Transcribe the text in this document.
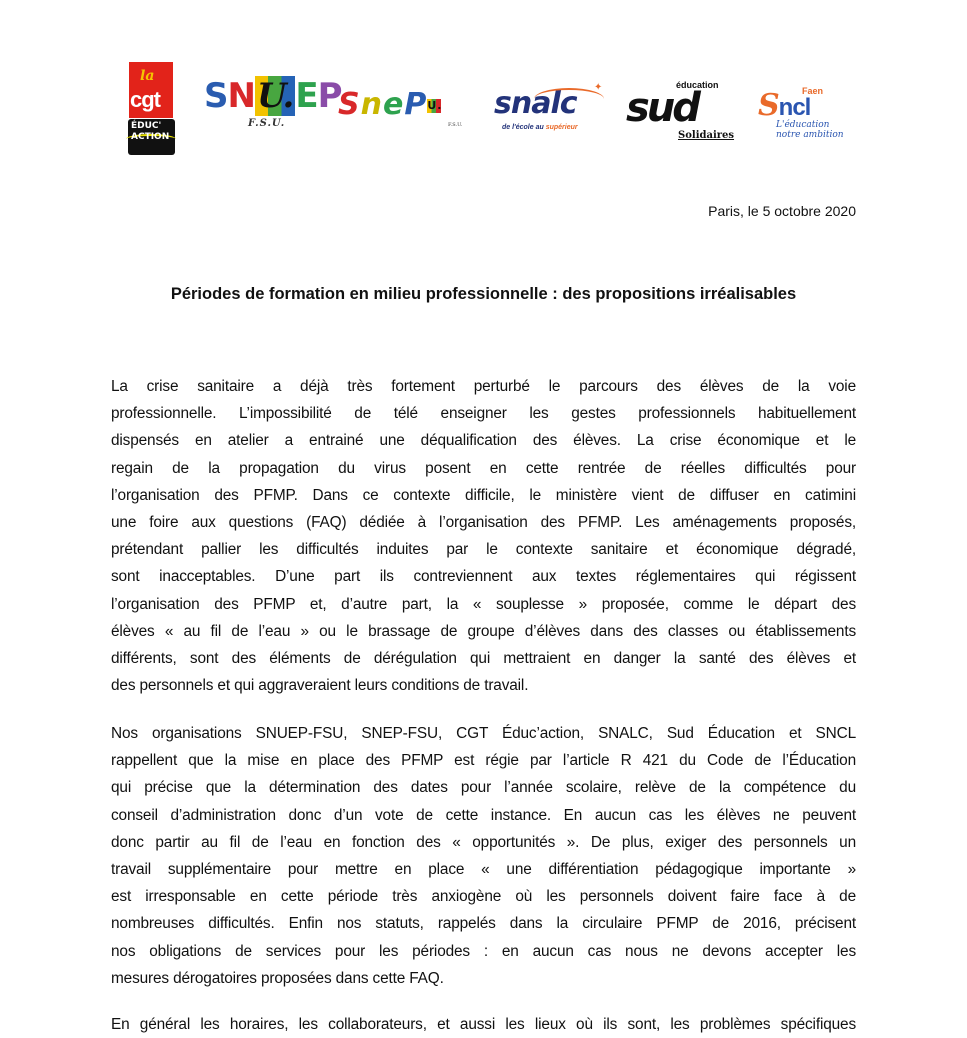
la
cgt
ÉDUC' ACTION
SNU.EP
F.S.U.
SnePU.
F.S.U.
✦
snalc
de l'école au supérieur
éducation
sud
Solidaires
Faen
Sncl
L'éducation
notre ambition
Paris, le 5 octobre 2020
Périodes de formation en milieu professionnelle : des propositions irréalisables
La crise sanitaire a déjà très fortement perturbé le parcours des élèves de la voie
professionnelle. L’impossibilité de télé enseigner les gestes professionnels habituellement
dispensés en atelier a entrainé une déqualification des élèves. La crise économique et le
regain de la propagation du virus posent en cette rentrée de réelles difficultés pour
l’organisation des PFMP. Dans ce contexte difficile, le ministère vient de diffuser en catimini
une foire aux questions (FAQ) dédiée à l’organisation des PFMP. Les aménagements proposés,
prétendant pallier les difficultés induites par le contexte sanitaire et économique dégradé,
sont inacceptables. D’une part ils contreviennent aux textes réglementaires qui régissent
l’organisation des PFMP et, d’autre part, la « souplesse » proposée, comme le départ des
élèves « au fil de l’eau » ou le brassage de groupe d’élèves dans des classes ou établissements
différents, sont des éléments de dérégulation qui mettraient en danger la santé des élèves et
des personnels et qui aggraveraient leurs conditions de travail.
Nos organisations SNUEP-FSU, SNEP-FSU, CGT Éduc’action, SNALC, Sud Éducation et SNCL
rappellent que la mise en place des PFMP est régie par l’article R 421 du Code de l’Éducation
qui précise que la détermination des dates pour l’année scolaire, relève de la compétence du
conseil d’administration donc d’un vote de cette instance. En aucun cas les élèves ne peuvent
donc partir au fil de l’eau en fonction des « opportunités ». De plus, exiger des personnels un
travail supplémentaire pour mettre en place « une différentiation pédagogique importante »
est irresponsable en cette période très anxiogène où les personnels doivent faire face à de
nombreuses difficultés. Enfin nos statuts, rappelés dans la circulaire PFMP de 2016, précisent
nos obligations de services pour les périodes : en aucun cas nous ne devons accepter les
mesures dérogatoires proposées dans cette FAQ.
En général les horaires, les collaborateurs, et aussi les lieux où ils sont, les problèmes spécifiques
